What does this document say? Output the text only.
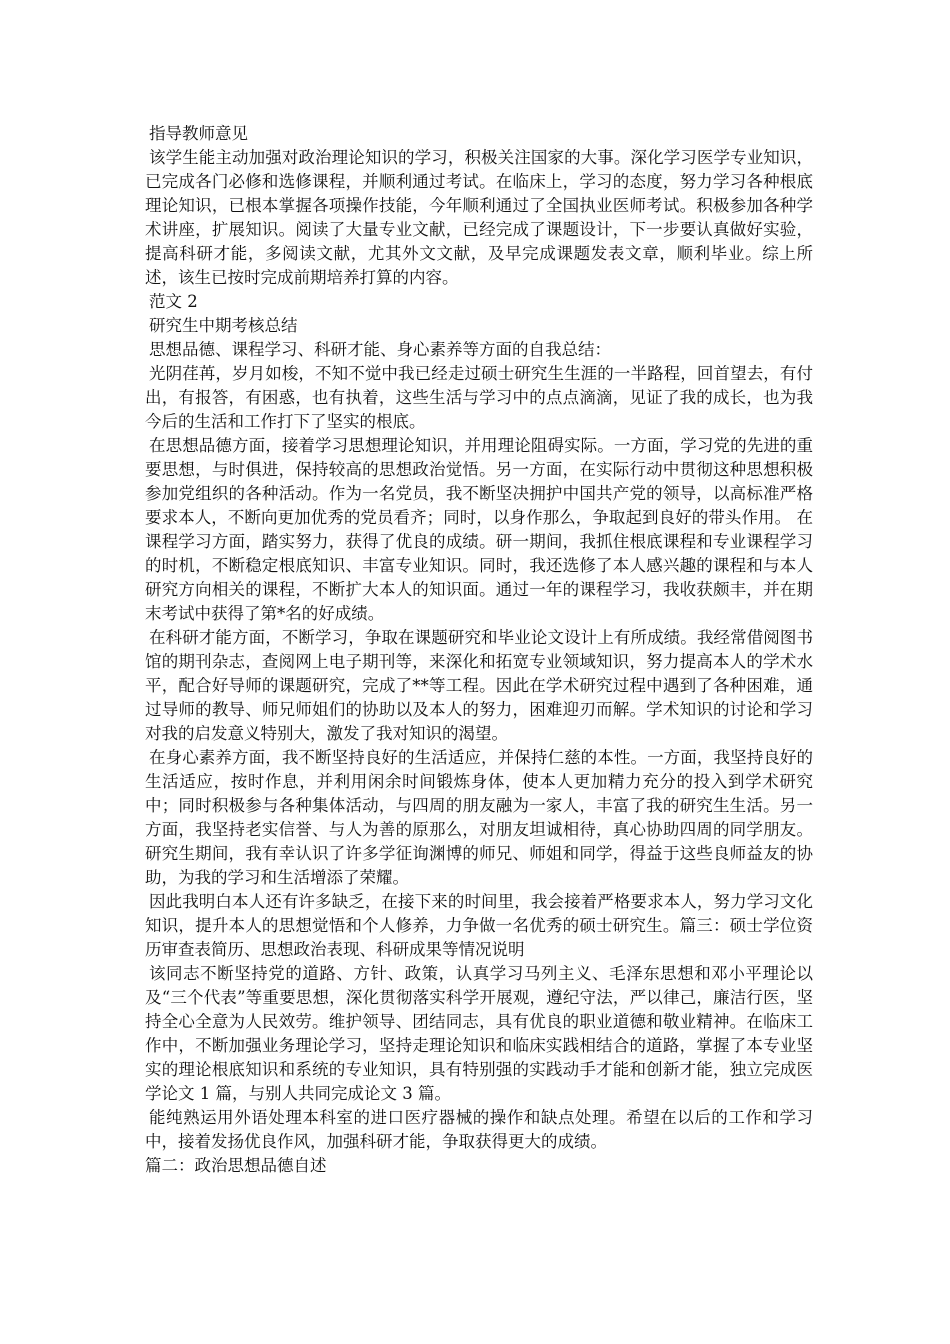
指导教师意见

该学生能主动加强对政治理论知识的学习，积极关注国家的大事。深化学习医学专业知识，已完成各门必修和选修课程，并顺利通过考试。在临床上，学习的态度，努力学习各种根底理论知识，已根本掌握各项操作技能，今年顺利通过了全国执业医师考试。积极参加各种学术讲座，扩展知识。阅读了大量专业文献，已经完成了课题设计，下一步要认真做好实验，提高科研才能，多阅读文献，尤其外文文献，及早完成课题发表文章，顺利毕业。综上所述，该生已按时完成前期培养打算的内容。

范文 2

研究生中期考核总结

思想品德、课程学习、科研才能、身心素养等方面的自我总结：

光阴荏苒，岁月如梭，不知不觉中我已经走过硕士研究生生涯的一半路程，回首望去，有付出，有报答，有困惑，也有执着，这些生活与学习中的点点滴滴，见证了我的成长，也为我今后的生活和工作打下了坚实的根底。

在思想品德方面，接着学习思想理论知识，并用理论阻碍实际。一方面，学习党的先进的重要思想，与时俱进，保持较高的思想政治觉悟。另一方面，在实际行动中贯彻这种思想积极参加党组织的各种活动。作为一名党员，我不断坚决拥护中国共产党的领导，以高标准严格要求本人，不断向更加优秀的党员看齐；同时，以身作那么，争取起到良好的带头作用。 在课程学习方面，踏实努力，获得了优良的成绩。研一期间，我抓住根底课程和专业课程学习的时机，不断稳定根底知识、丰富专业知识。同时，我还选修了本人感兴趣的课程和与本人研究方向相关的课程，不断扩大本人的知识面。通过一年的课程学习，我收获颇丰，并在期末考试中获得了第*名的好成绩。

在科研才能方面，不断学习，争取在课题研究和毕业论文设计上有所成绩。我经常借阅图书馆的期刊杂志，查阅网上电子期刊等，来深化和拓宽专业领域知识，努力提高本人的学术水平，配合好导师的课题研究，完成了**等工程。因此在学术研究过程中遇到了各种困难，通过导师的教导、师兄师姐们的协助以及本人的努力，困难迎刃而解。学术知识的讨论和学习对我的启发意义特别大，激发了我对知识的渴望。

在身心素养方面，我不断坚持良好的生活适应，并保持仁慈的本性。一方面，我坚持良好的生活适应，按时作息，并利用闲余时间锻炼身体，使本人更加精力充分的投入到学术研究中；同时积极参与各种集体活动，与四周的朋友融为一家人，丰富了我的研究生生活。另一方面，我坚持老实信誉、与人为善的原那么，对朋友坦诚相待，真心协助四周的同学朋友。研究生期间，我有幸认识了许多学征询渊博的师兄、师姐和同学，得益于这些良师益友的协助，为我的学习和生活增添了荣耀。

因此我明白本人还有许多缺乏，在接下来的时间里，我会接着严格要求本人，努力学习文化知识，提升本人的思想觉悟和个人修养，力争做一名优秀的硕士研究生。篇三：硕士学位资历审查表简历、思想政治表现、科研成果等情况说明

该同志不断坚持党的道路、方针、政策，认真学习马列主义、毛泽东思想和邓小平理论以及“三个代表”等重要思想，深化贯彻落实科学开展观，遵纪守法，严以律己，廉洁行医，坚持全心全意为人民效劳。维护领导、团结同志，具有优良的职业道德和敬业精神。在临床工作中，不断加强业务理论学习，坚持走理论知识和临床实践相结合的道路，掌握了本专业坚实的理论根底知识和系统的专业知识，具有特别强的实践动手才能和创新才能，独立完成医学论文 1 篇，与别人共同完成论文 3 篇。

能纯熟运用外语处理本科室的进口医疗器械的操作和缺点处理。希望在以后的工作和学习中，接着发扬优良作风，加强科研才能，争取获得更大的成绩。

篇二：政治思想品德自述
